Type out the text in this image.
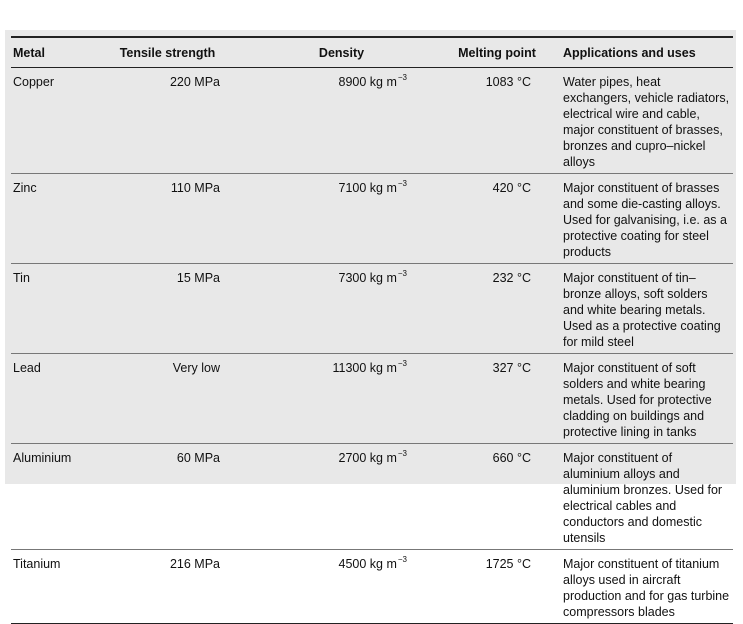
Metal	Tensile strength	Density	Melting point	Applications and uses
Copper	220 MPa	8900 kg $m^{-3}$	1083 °C	Water pipes, heat exchangers, vehicle radiators, electrical wire and cable, major constituent of brasses, bronzes and cupro–nickel alloys
Zinc	110 MPa	7100 kg $m^{-3}$	420 °C	Major constituent of brasses and some die-casting alloys. Used for galvanising, i.e. as a protective coating for steel products
Tin	15 MPa	7300 kg $m^{-3}$	232 °C	Major constituent of tin–bronze alloys, soft solders and white bearing metals. Used as a protective coating for mild steel
Lead	Very low	11300 kg $m^{-3}$	327 °C	Major constituent of soft solders and white bearing metals. Used for protective cladding on buildings and protective lining in tanks
Aluminium	60 MPa	2700 kg $m^{-3}$	660 °C	Major constituent of aluminium alloys and aluminium bronzes. Used for electrical cables and conductors and domestic utensils
Titanium	216 MPa	4500 kg $m^{-3}$	1725 °C	Major constituent of titanium alloys used in aircraft production and for gas turbine compressors blades
